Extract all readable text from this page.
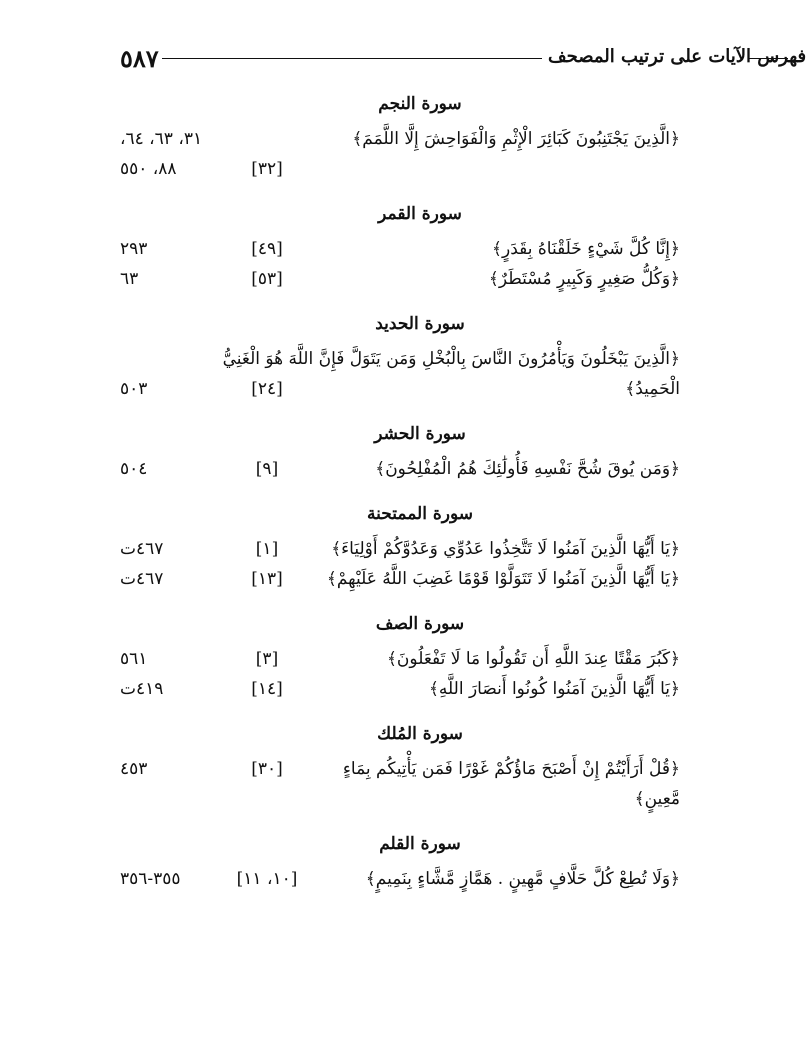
٥٨٧	فهرس الآيات على ترتيب المصحف
سورة النجم
﴿الَّذِينَ يَجْتَنِبُونَ كَبَائِرَ الْإِثْمِ وَالْفَوَاحِشَ إِلَّا اللَّمَمَ﴾
٣١، ٦٣، ٦٤،
[٣٢]
٨٨، ٥٥٠
سورة القمر
﴿إِنَّا كُلَّ شَيْءٍ خَلَقْنَاهُ بِقَدَرٍ﴾
[٤٩]
٢٩٣
﴿وَكُلُّ صَغِيرٍ وَكَبِيرٍ مُسْتَطَرٌ﴾
[٥٣]
٦٣
سورة الحديد
﴿الَّذِينَ يَبْخَلُونَ وَيَأْمُرُونَ النَّاسَ بِالْبُخْلِ وَمَن يَتَوَلَّ فَإِنَّ اللَّهَ هُوَ الْغَنِيُّ
الْحَمِيدُ﴾
[٢٤]
٥٠٣
سورة الحشر
﴿وَمَن يُوقَ شُحَّ نَفْسِهِ فَأُولَٰئِكَ هُمُ الْمُفْلِحُونَ﴾
[٩]
٥٠٤
سورة الممتحنة
﴿يَا أَيُّهَا الَّذِينَ آمَنُوا لَا تَتَّخِذُوا عَدُوِّي وَعَدُوَّكُمْ أَوْلِيَاءَ﴾
[١]
٤٦٧ت
﴿يَا أَيُّهَا الَّذِينَ آمَنُوا لَا تَتَوَلَّوْا قَوْمًا غَضِبَ اللَّهُ عَلَيْهِمْ﴾
[١٣]
٤٦٧ت
سورة الصف
﴿كَبُرَ مَقْتًا عِندَ اللَّهِ أَن تَقُولُوا مَا لَا تَفْعَلُونَ﴾
[٣]
٥٦١
﴿يَا أَيُّهَا الَّذِينَ آمَنُوا كُونُوا أَنصَارَ اللَّهِ﴾
[١٤]
٤١٩ت
سورة المُلك
﴿قُلْ أَرَأَيْتُمْ إِنْ أَصْبَحَ مَاؤُكُمْ غَوْرًا فَمَن يَأْتِيكُم بِمَاءٍ مَّعِينٍ﴾
[٣٠]
٤٥٣
سورة القلم
﴿وَلَا تُطِعْ كُلَّ حَلَّافٍ مَّهِينٍ . هَمَّازٍ مَّشَّاءٍ بِنَمِيمٍ﴾
[١٠، ١١]
٣٥٥-٣٥٦
